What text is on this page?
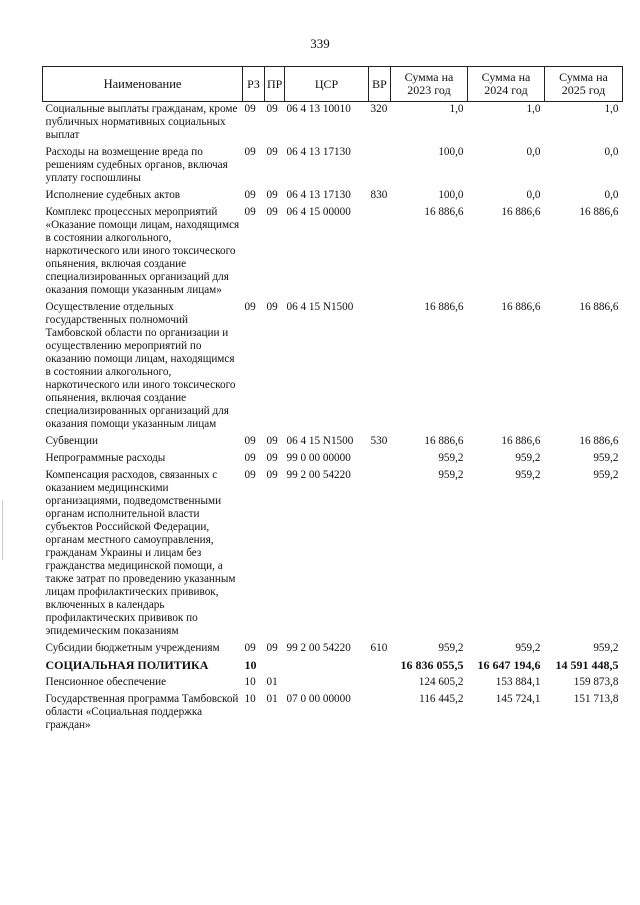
339
Наименование	РЗ	ПР	ЦСР	ВР	Сумма на 2023 год	Сумма на 2024 год	Сумма на 2025 год
Социальные выплаты гражданам, кроме публичных нормативных социальных выплат	09	09	06 4 13 10010	320	1,0	1,0	1,0
Расходы на возмещение вреда по решениям судебных органов, включая уплату госпошлины	09	09	06 4 13 17130		100,0	0,0	0,0
Исполнение судебных актов	09	09	06 4 13 17130	830	100,0	0,0	0,0
Комплекс процессных мероприятий «Оказание помощи лицам, находящимся в состоянии алкогольного, наркотического или иного токсического опьянения, включая создание специализированных организаций для оказания помощи указанным лицам»	09	09	06 4 15 00000		16 886,6	16 886,6	16 886,6
Осуществление отдельных государственных полномочий Тамбовской области по организации и осуществлению мероприятий по оказанию помощи лицам, находящимся в состоянии алкогольного, наркотического или иного токсического опьянения, включая создание специализированных организаций для оказания помощи указанным лицам	09	09	06 4 15 N1500		16 886,6	16 886,6	16 886,6
Субвенции	09	09	06 4 15 N1500	530	16 886,6	16 886,6	16 886,6
Непрограммные расходы	09	09	99 0 00 00000		959,2	959,2	959,2
Компенсация расходов, связанных с оказанием медицинскими организациями, подведомственными органам исполнительной власти субъектов Российской Федерации, органам местного самоуправления, гражданам Украины и лицам без гражданства медицинской помощи, а также затрат по проведению указанным лицам профилактических прививок, включенных в календарь профилактических прививок по эпидемическим показаниям	09	09	99 2 00 54220		959,2	959,2	959,2
Субсидии бюджетным учреждениям	09	09	99 2 00 54220	610	959,2	959,2	959,2
СОЦИАЛЬНАЯ ПОЛИТИКА	10				16 836 055,5	16 647 194,6	14 591 448,5
Пенсионное обеспечение	10	01			124 605,2	153 884,1	159 873,8
Государственная программа Тамбовской области «Социальная поддержка граждан»	10	01	07 0 00 00000		116 445,2	145 724,1	151 713,8
